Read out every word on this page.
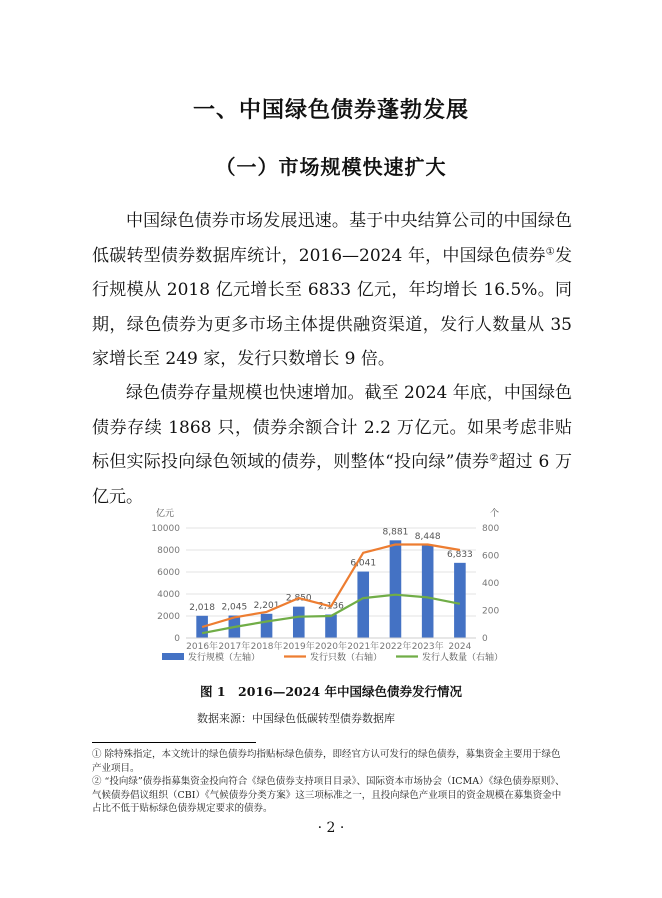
一、中国绿色债券蓬勃发展
（一）市场规模快速扩大

中国绿色债券市场发展迅速。基于中央结算公司的中国绿色低碳转型债券数据库统计，2016—2024 年，中国绿色债券①发行规模从 2018 亿元增长至 6833 亿元，年均增长 16.5%。同期，绿色债券为更多市场主体提供融资渠道，发行人数量从 35 家增长至 249 家，发行只数增长 9 倍。

绿色债券存量规模也快速增加。截至 2024 年底，中国绿色债券存续 1868 只，债券余额合计 2.2 万亿元。如果考虑非贴标但实际投向绿色领域的债券，则整体“投向绿”债券②超过 6 万亿元。

0
2000
4000
6000
8000
10000
0
200
400
600
800
亿元	个
2,018 2,045 2,201
2,850
2,136
6,041
8,881 8,448
6,833
2016年 2017年 2018年 2019年 2020年 2021年 2022年 2023年 2024
发行规模（左轴）	发行只数（右轴）	发行人数量（右轴）
图 1　2016—2024 年中国绿色债券发行情况
数据来源：中国绿色低碳转型债券数据库

① 除特殊指定，本文统计的绿色债券均指贴标绿色债券，即经官方认可发行的绿色债券，募集资金主要用于绿色产业项目。

② “投向绿”债券指募集资金投向符合《绿色债券支持项目目录》、国际资本市场协会（ICMA）《绿色债券原则》、气候债券倡议组织（CBI）《气候债券分类方案》这三项标准之一，且投向绿色产业项目的资金规模在募集资金中占比不低于贴标绿色债券规定要求的债券。

· 2 ·
